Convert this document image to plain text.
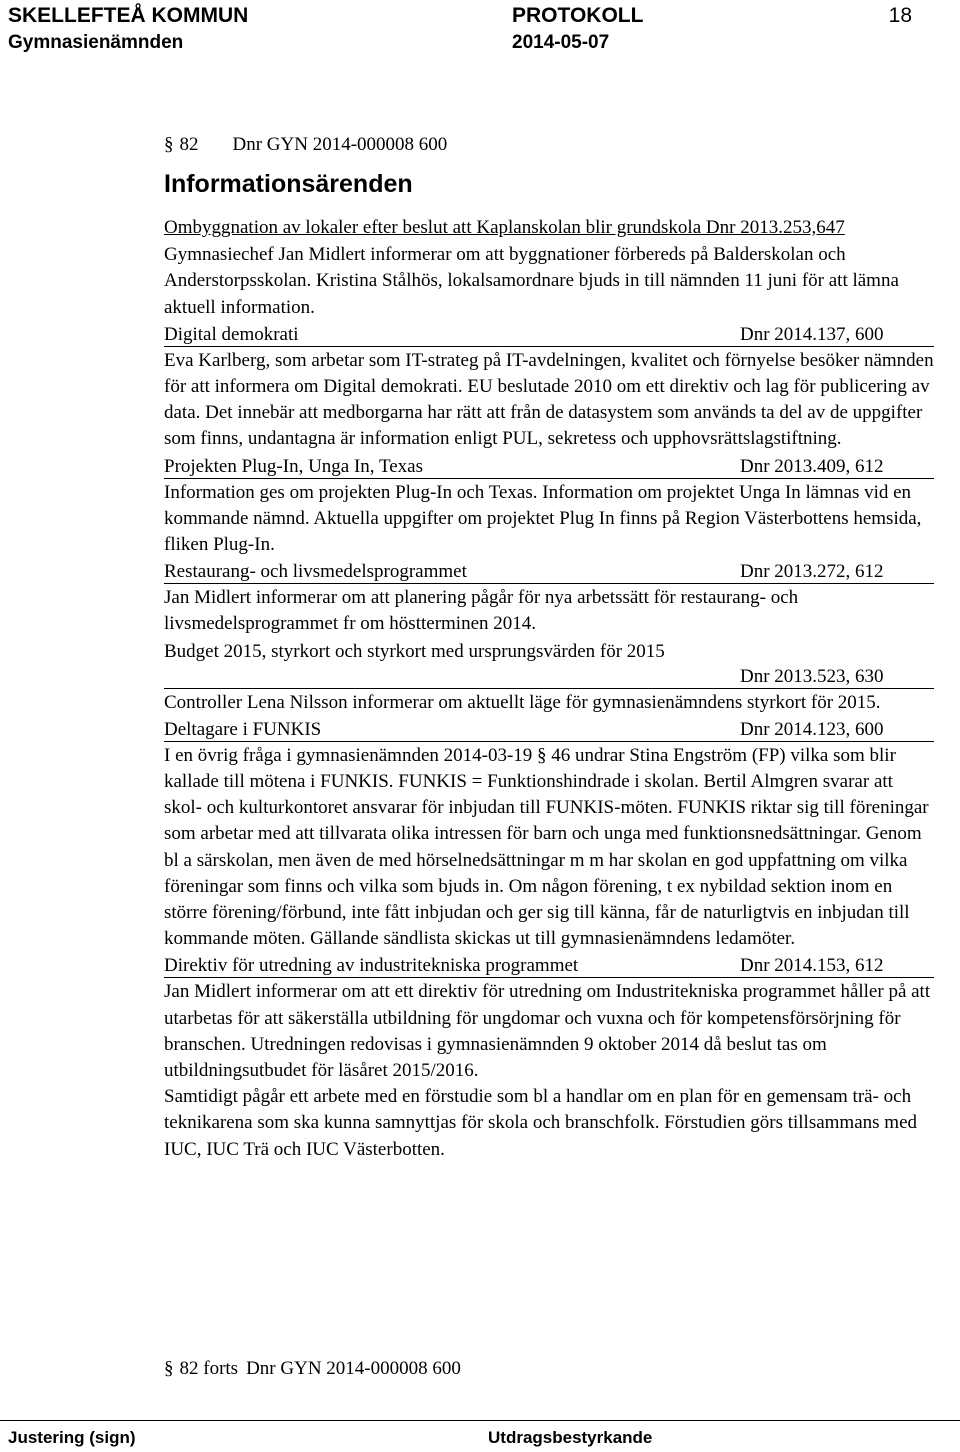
SKELLEFTEÅ KOMMUN	PROTOKOLL	18
Gymnasienämnden	2014-05-07
§ 82 Dnr GYN 2014-000008 600
Informationsärenden
Ombyggnation av lokaler efter beslut att Kaplanskolan blir grundskola Dnr 2013.253,647

Gymnasiechef Jan Midlert informerar om att byggnationer förbereds på Balderskolan och Anderstorpsskolan. Kristina Stålhös, lokalsamordnare bjuds in till nämnden 11 juni för att lämna aktuell information.

Digital demokrati	Dnr 2014.137, 600

Eva Karlberg, som arbetar som IT-strateg på IT-avdelningen, kvalitet och förnyelse besöker nämnden för att informera om Digital demokrati. EU beslutade 2010 om ett direktiv och lag för publicering av data. Det innebär att medborgarna har rätt att från de datasystem som används ta del av de uppgifter som finns, undantagna är information enligt PUL, sekretess och upphovsrättslagstiftning.

Projekten Plug-In, Unga In, Texas	Dnr 2013.409, 612

Information ges om projekten Plug-In och Texas. Information om projektet Unga In lämnas vid en kommande nämnd. Aktuella uppgifter om projektet Plug In finns på Region Västerbottens hemsida, fliken Plug-In.

Restaurang- och livsmedelsprogrammet	Dnr 2013.272, 612

Jan Midlert informerar om att planering pågår för nya arbetssätt för restaurang- och livsmedelsprogrammet fr om höstterminen 2014.

Budget 2015, styrkort och styrkort med ursprungsvärden för 2015
Dnr 2013.523, 630

Controller Lena Nilsson informerar om aktuellt läge för gymnasienämndens styrkort för 2015.

Deltagare i FUNKIS	Dnr 2014.123, 600

I en övrig fråga i gymnasienämnden 2014-03-19 § 46 undrar Stina Engström (FP) vilka som blir kallade till mötena i FUNKIS. FUNKIS = Funktionshindrade i skolan. Bertil Almgren svarar att skol- och kulturkontoret ansvarar för inbjudan till FUNKIS-möten. FUNKIS riktar sig till föreningar som arbetar med att tillvarata olika intressen för barn och unga med funktionsnedsättningar. Genom bl a särskolan, men även de med hörselnedsättningar m m har skolan en god uppfattning om vilka föreningar som finns och vilka som bjuds in. Om någon förening, t ex nybildad sektion inom en större förening/förbund, inte fått inbjudan och ger sig till känna, får de naturligtvis en inbjudan till kommande möten. Gällande sändlista skickas ut till gymnasienämndens ledamöter.

Direktiv för utredning av industritekniska programmet	Dnr 2014.153, 612

Jan Midlert informerar om att ett direktiv för utredning om Industritekniska programmet håller på att utarbetas för att säkerställa utbildning för ungdomar och vuxna och för kompetensförsörjning för branschen. Utredningen redovisas i gymnasienämnden 9 oktober 2014 då beslut tas om utbildningsutbudet för läsåret 2015/2016.

Samtidigt pågår ett arbete med en förstudie som bl a handlar om en plan för en gemensam trä- och teknikarena som ska kunna samnyttjas för skola och branschfolk. Förstudien görs tillsammans med IUC, IUC Trä och IUC Västerbotten.

§ 82 forts Dnr GYN 2014-000008 600
Justering (sign)	Utdragsbestyrkande
